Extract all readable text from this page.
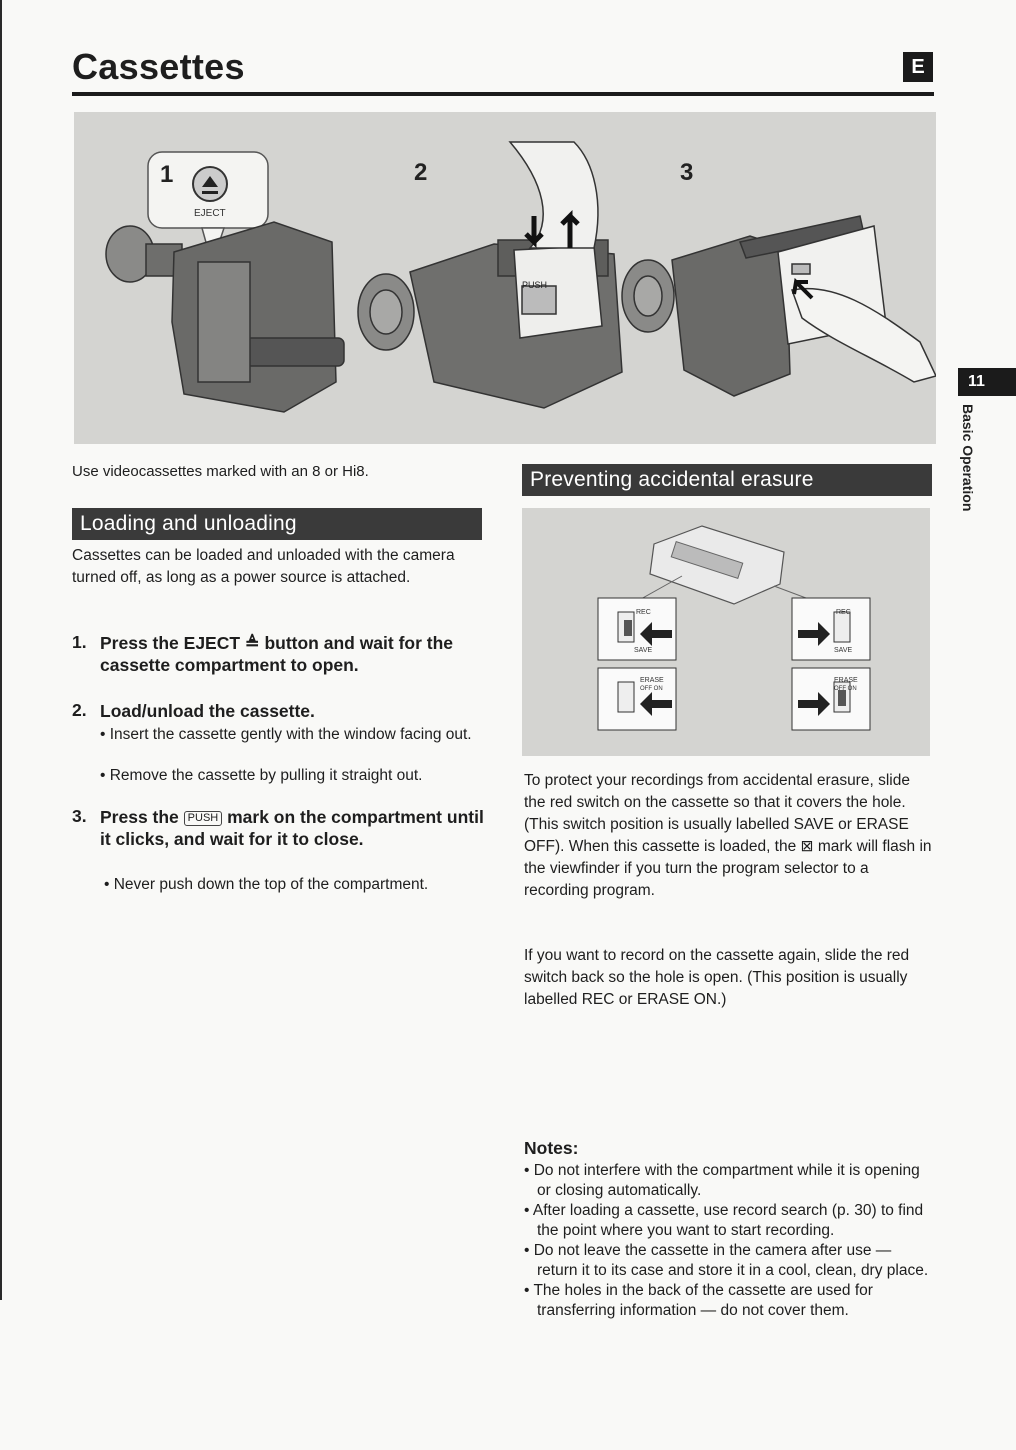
Cassettes	E
1
EJECT
2
PUSH
3
11
Basic Operation
Use videocassettes marked with an 8 or Hi8.
Loading and unloading
Cassettes can be loaded and unloaded with the camera turned off, as long as a power source is attached.
1. Press the EJECT ≜ button and wait for the cassette compartment to open.
2. Load/unload the cassette.
• Insert the cassette gently with the window facing out.
• Remove the cassette by pulling it straight out.
3. Press the PUSH mark on the compartment until it clicks, and wait for it to close.
• Never push down the top of the compartment.
Preventing accidental erasure
REC
SAVE
ERASE
OFF ON
REC
SAVE
ERASE
OFF ON
To protect your recordings from accidental erasure, slide the red switch on the cassette so that it covers the hole. (This switch position is usually labelled SAVE or ERASE OFF). When this cassette is loaded, the ⊠ mark will flash in the viewfinder if you turn the program selector to a recording program.
If you want to record on the cassette again, slide the red switch back so the hole is open. (This position is usually labelled REC or ERASE ON.)
Notes:
• Do not interfere with the compartment while it is opening or closing automatically.
• After loading a cassette, use record search (p. 30) to find the point where you want to start recording.
• Do not leave the cassette in the camera after use — return it to its case and store it in a cool, clean, dry place.
• The holes in the back of the cassette are used for transferring information — do not cover them.
